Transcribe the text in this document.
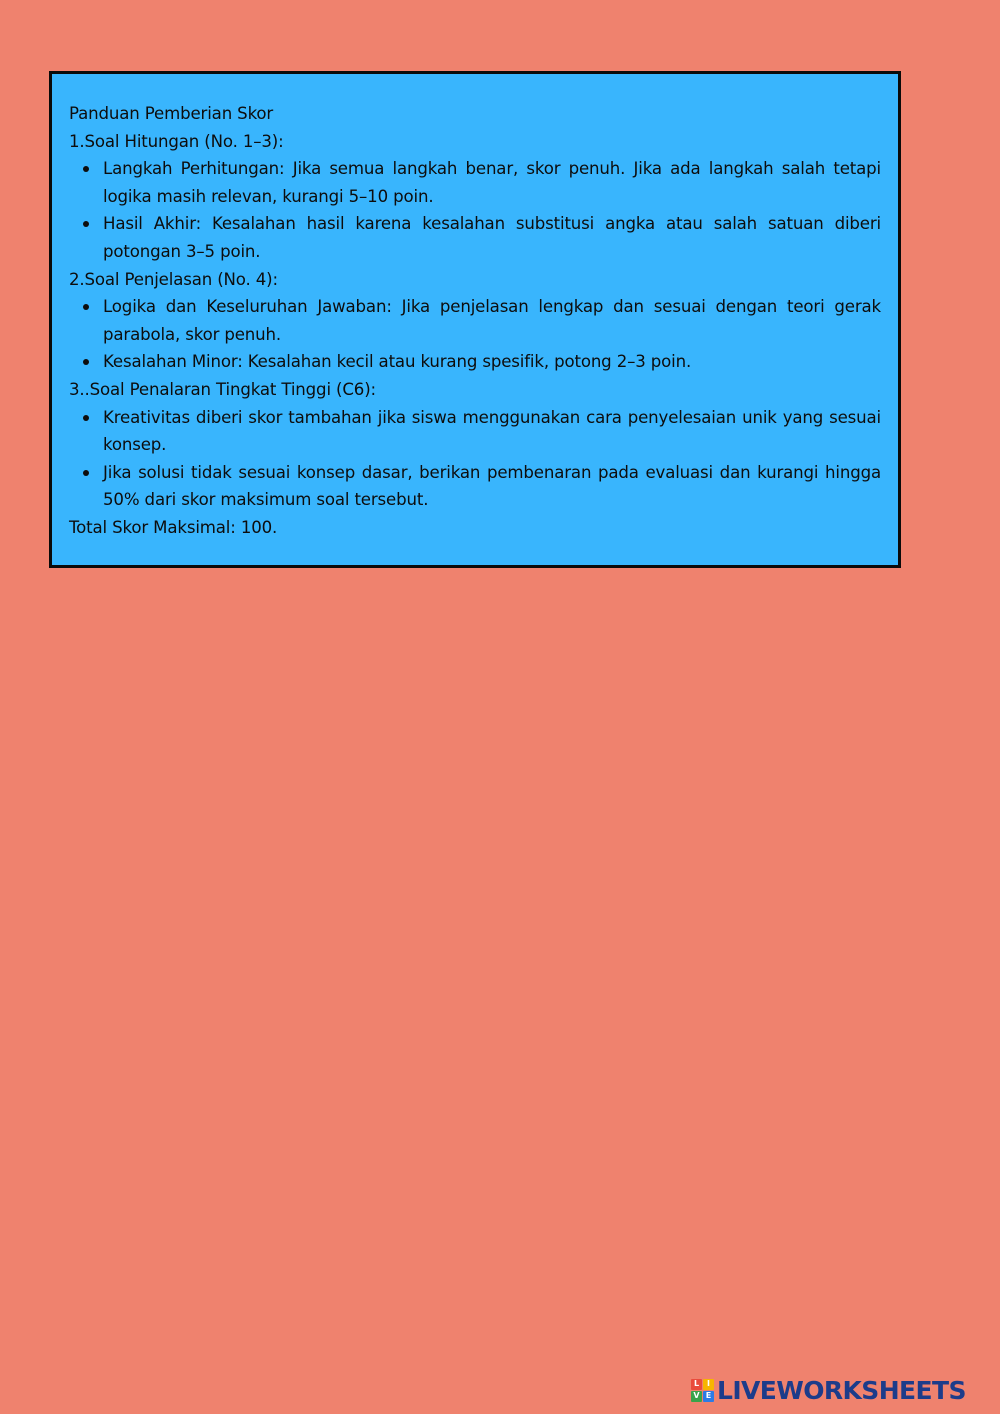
Panduan Pemberian Skor
1.Soal Hitungan (No. 1–3):
Langkah Perhitungan: Jika semua langkah benar, skor penuh. Jika ada langkah salah tetapi logika masih relevan, kurangi 5–10 poin.
Hasil Akhir: Kesalahan hasil karena kesalahan substitusi angka atau salah satuan diberi potongan 3–5 poin.
2.Soal Penjelasan (No. 4):
Logika dan Keseluruhan Jawaban: Jika penjelasan lengkap dan sesuai dengan teori gerak parabola, skor penuh.
Kesalahan Minor: Kesalahan kecil atau kurang spesifik, potong 2–3 poin.
3..Soal Penalaran Tingkat Tinggi (C6):
Kreativitas diberi skor tambahan jika siswa menggunakan cara penyelesaian unik yang sesuai konsep.
Jika solusi tidak sesuai konsep dasar, berikan pembenaran pada evaluasi dan kurangi hingga 50% dari skor maksimum soal tersebut.
Total Skor Maksimal: 100.
L I
V E LIVEWORKSHEETS
